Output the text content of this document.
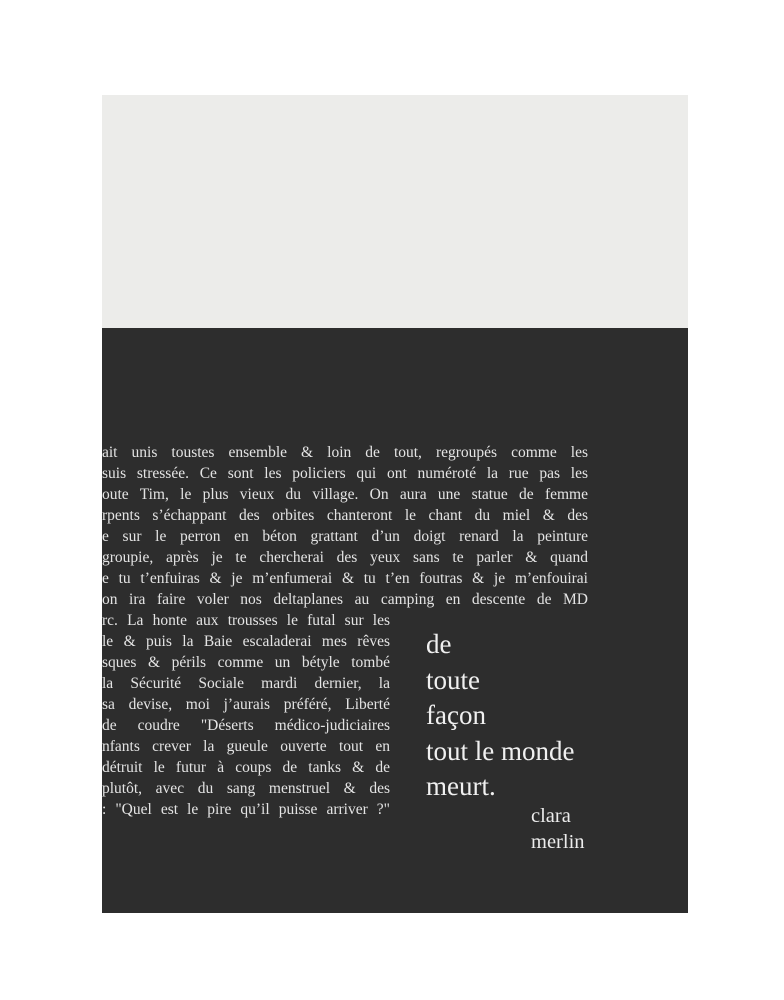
ait unis toustes ensemble & loin de tout, regroupés comme les
suis stressée. Ce sont les policiers qui ont numéroté la rue pas les
oute Tim, le plus vieux du village. On aura une statue de femme
rpents s’échappant des orbites chanteront le chant du miel & des
e sur le perron en béton grattant d’un doigt renard la peinture
groupie, après je te chercherai des yeux sans te parler & quand
e tu t’enfuiras & je m’enfumerai & tu t’en foutras & je m’enfouirai
on ira faire voler nos deltaplanes au camping en descente de MD
rc. La honte aux trousses le futal sur les
le & puis la Baie escaladerai mes rêves
sques & périls comme un bétyle tombé
la Sécurité Sociale mardi dernier, la
sa devise, moi j’aurais préféré, Liberté
de coudre "Déserts médico-judiciaires
nfants crever la gueule ouverte tout en
détruit le futur à coups de tanks & de
plutôt, avec du sang menstruel & des
: "Quel est le pire qu’il puisse arriver ?"
de
toute
façon
tout le monde
meurt.
clara
merlin
